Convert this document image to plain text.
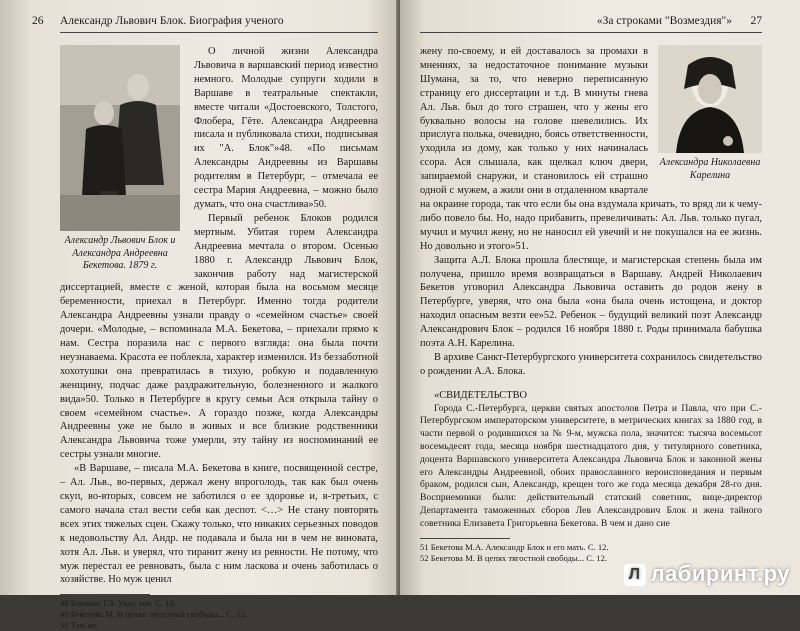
26 Александр Львович Блок. Биография ученого
Александр Львович Блок и Александра Андреевна Бекетова. 1879 г.

О личной жизни Александра Львовича в варшавский период известно немного. Молодые супруги ходили в Варшаве в театральные спектакли, вместе читали «Достоевского, Толстого, Флобера, Гёте. Александра Андреевна писала и публиковала стихи, подписывая их "А. Блок"»48. «По письмам Александры Андреевны из Варшавы родителям в Петербург, – отмечала ее сестра Мария Андреевна, – можно было думать, что она счастлива»50.

Первый ребенок Блоков родился мертвым. Убитая горем Александра Андреевна мечтала о втором. Осенью 1880 г. Александр Львович Блок, закончив работу над магистерской диссертацией, вместе с женой, которая была на восьмом месяце беременности, приехал в Петербург. Именно тогда родители Александра Андреевны узнали правду о «семейном счастье» своей дочери. «Молодые, – вспоминала М.А. Бекетова, – приехали прямо к нам. Сестра поразила нас с первого взгляда: она была почти неузнаваема. Красота ее поблекла, характер изменился. Из беззаботной хохотушки она превратилась в тихую, робкую и подавленную женщину, подчас даже раздражительную, болезненного и жалкого вида»50. Только в Петербурге в кругу семьи Ася открыла тайну о своем «семейном счастье». А гораздо позже, когда Александры Андреевны уже не было в живых и все близкие родственники Александра Львовича тоже умерли, эту тайну из воспоминаний ее сестры узнали многие.

«В Варшаве, – писала М.А. Бекетова в книге, посвященной сестре, – Ал. Льв., во-первых, держал жену впроголодь, так как был очень скуп, во-вторых, совсем не заботился о ее здоровье и, в-третьих, с самого начала стал вести себя как деспот. <…> Не стану повторять всех этих тяжелых сцен. Скажу только, что никаких серьезных поводов к недовольству Ал. Андр. не подавала и была ни в чем не виновата, хотя Ал. Льв. и уверял, что тиранит жену из ревности. Не потому, что муж перестал ее ревновать, была с ним ласкова и очень заботилась о хозяйстве. Но муж ценил

48 Блюмин Г.З. Указ. соч. С. 16.
49 Бекетова М. В цепях тягостной свободы... С. 12.
50 Там же.
«За строками "Возмездия"» 27
Александра Николаевна Карелина

жену по-своему, и ей доставалось за промахи в мнениях, за недостаточное понимание музыки Шумана, за то, что неверно переписанную страницу его диссертации и т.д. В минуты гнева Ал. Льв. был до того страшен, что у жены его буквально волосы на голове шевелились. Их прислуга полька, очевидно, боясь ответственности, уходила из дому, как только у них начиналась ссора. Ася слышала, как щелкал ключ двери, запираемой снаружи, и становилось ей страшно одной с мужем, а жили они в отдаленном квартале на окраине города, так что если бы она вздумала кричать, то вряд ли к чему-либо повело бы. Но, надо прибавить, превеличивать: Ал. Льв. только пугал, мучил и мучил жену, но не наносил ей увечий и не покушался на ее жизнь. Но довольно и этого»51.

Защита А.Л. Блока прошла блестяще, и магистерская степень была им получена, пришло время возвращаться в Варшаву. Андрей Николаевич Бекетов уговорил Александра Львовича оставить до родов жену в Петербурге, уверяя, что она была «она была очень истощена, и доктор находил опасным везти ее»52. Ребенок – будущий великий поэт Александр Александрович Блок – родился 16 ноября 1880 г. Роды принимала бабушка поэта А.Н. Карелина.

В архиве Санкт-Петербургского университета сохранилось свидетельство о рождении А.А. Блока.

«СВИДЕТЕЛЬСТВО

Города С.-Петербурга, церкви святых апостолов Петра и Павла, что при С.-Петербургском императорском университете, в метрических книгах за 1880 год, в части первой о родившихся за № 9-м, мужска пола, значится: тысяча восемьсот восемьдесят года, месяца ноября шестнадцатого дня, у титулярного советника, доцента Варшавского университета Александра Львовича Блок и законной жены его Александры Андреевной, обоих православного вероисповедания и первым браком, родился сын, Александр, крещен того же года месяца декабря 28-го дня. Восприемники были: действительный статский советник, вице-директор Департамента таможенных сборов Лев Александрович Блок и жена тайного советника Елизавета Григорьевна Бекетова. В чем и дано сие

51 Бекетова М.А. Александр Блок и его мать. С. 12.
52 Бекетова М. В цепях тягостной свободы... С. 12.
Л лабиринт.ру
